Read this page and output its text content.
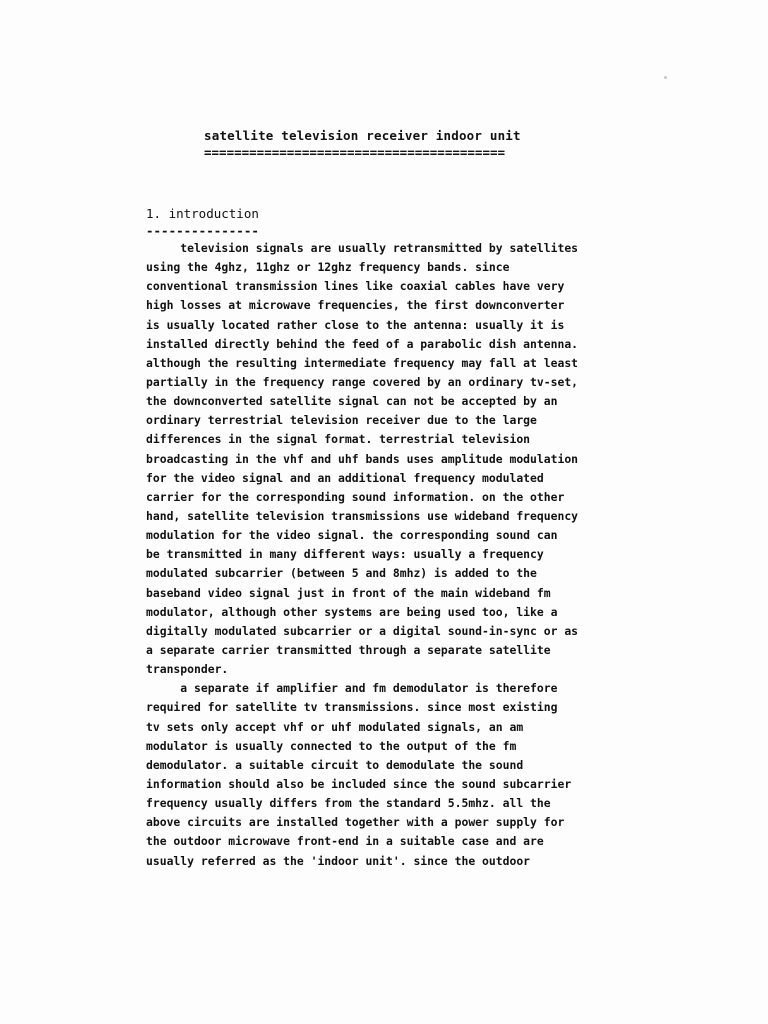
satellite television receiver indoor unit
========================================
1. introduction
---------------
television signals are usually retransmitted by satellites
using the 4ghz, 11ghz or 12ghz frequency bands. since
conventional transmission lines like coaxial cables have very
high losses at microwave frequencies, the first downconverter
is usually located rather close to the antenna: usually it is
installed directly behind the feed of a parabolic dish antenna.
although the resulting intermediate frequency may fall at least
partially in the frequency range covered by an ordinary tv-set,
the downconverted satellite signal can not be accepted by an
ordinary terrestrial television receiver due to the large
differences in the signal format. terrestrial television
broadcasting in the vhf and uhf bands uses amplitude modulation
for the video signal and an additional frequency modulated
carrier for the corresponding sound information. on the other
hand, satellite television transmissions use wideband frequency
modulation for the video signal. the corresponding sound can
be transmitted in many different ways: usually a frequency
modulated subcarrier (between 5 and 8mhz) is added to the
baseband video signal just in front of the main wideband fm
modulator, although other systems are being used too, like a
digitally modulated subcarrier or a digital sound-in-sync or as
a separate carrier transmitted through a separate satellite
transponder.
a separate if amplifier and fm demodulator is therefore
required for satellite tv transmissions. since most existing
tv sets only accept vhf or uhf modulated signals, an am
modulator is usually connected to the output of the fm
demodulator. a suitable circuit to demodulate the sound
information should also be included since the sound subcarrier
frequency usually differs from the standard 5.5mhz. all the
above circuits are installed together with a power supply for
the outdoor microwave front-end in a suitable case and are
usually referred as the 'indoor unit'. since the outdoor
